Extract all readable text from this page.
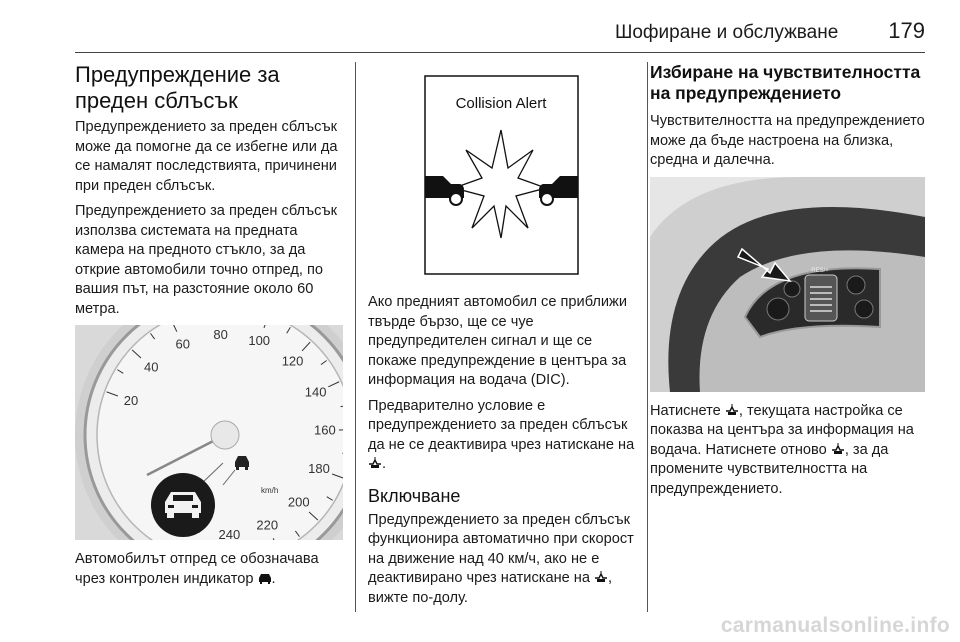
Шофиране и обслужване 179
Предупреждение за преден сблъсък

Предупреждението за преден сблъсък може да помогне да се избегне или да се намалят последствията, причинени при преден сблъсък.

Предупреждението за преден сблъсък използва системата на предната камера на предното стъкло, за да открие автомобили точно отпред, по вашия път, на разстояние около 60 метра.

20
40
60
80 100
120
140
160
180
200
220
240
km/h

Автомобилът отпред се обозначава чрез контролен индикатор .

Collision Alert

Ако предният автомобил се приближи твърде бързо, ще се чуе предупредителен сигнал и ще се покаже предупреждение в центъра за информация на водача (DIC).

Предварително условие е предупреждението за преден сблъсък да не се деактивира чрез натискане на .

Включване

Предупреждението за преден сблъсък функционира автоматично при скорост на движение над 40 км/ч, ако не е деактивирано чрез натискане на , вижте по-долу.

Избиране на чувствителността на предупреждението

Чувствителността на предупреждението може да бъде настроена на близка, средна и далечна.

RES/+

Натиснете , текущата настройка се показва на центъра за информация на водача. Натиснете отново , за да промените чувствителността на предупреждението.

carmanualsonline.info
